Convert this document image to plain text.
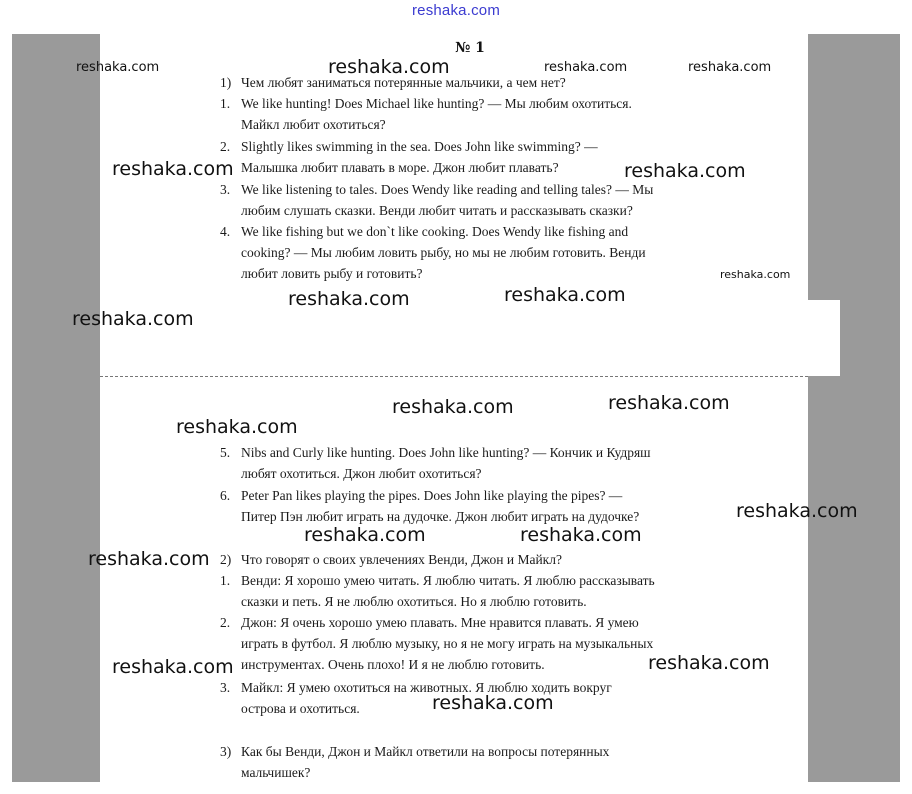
reshaka.com
№ 1
1) Чем любят заниматься потерянные мальчики, а чем нет?
1. We like hunting! Does Michael like hunting? — Мы любим охотиться.
Майкл любит охотиться?
2. Slightly likes swimming in the sea. Does John like swimming? —
Малышка любит плавать в море. Джон любит плавать?
3. We like listening to tales. Does Wendy like reading and telling tales? — Мы
любим слушать сказки. Венди любит читать и рассказывать сказки?
4. We like fishing but we don`t like cooking. Does Wendy like fishing and
cooking? — Мы любим ловить рыбу, но мы не любим готовить. Венди
любит ловить рыбу и готовить?
5. Nibs and Curly like hunting. Does John like hunting? — Кончик и Кудряш
любят охотиться. Джон любит охотиться?
6. Peter Pan likes playing the pipes. Does John like playing the pipes? —
Питер Пэн любит играть на дудочке. Джон любит играть на дудочке?
2) Что говорят о своих увлечениях Венди, Джон и Майкл?
1. Венди: Я хорошо умею читать. Я люблю читать. Я люблю рассказывать
сказки и петь. Я не люблю охотиться. Но я люблю готовить.
2. Джон: Я очень хорошо умею плавать. Мне нравится плавать. Я умею
играть в футбол. Я люблю музыку, но я не могу играть на музыкальных
инструментах. Очень плохо! И я не люблю готовить.
3. Майкл: Я умею охотиться на животных. Я люблю ходить вокруг
острова и охотиться.
3) Как бы Венди, Джон и Майкл ответили на вопросы потерянных
мальчишек?
reshaka.com	reshaka.com	reshaka.com	reshaka.com
reshaka.com	reshaka.com
reshaka.com
reshaka.com	reshaka.com
reshaka.com
reshaka.com	reshaka.com
reshaka.com
reshaka.com
reshaka.com	reshaka.com
reshaka.com
reshaka.com
reshaka.com
reshaka.com
